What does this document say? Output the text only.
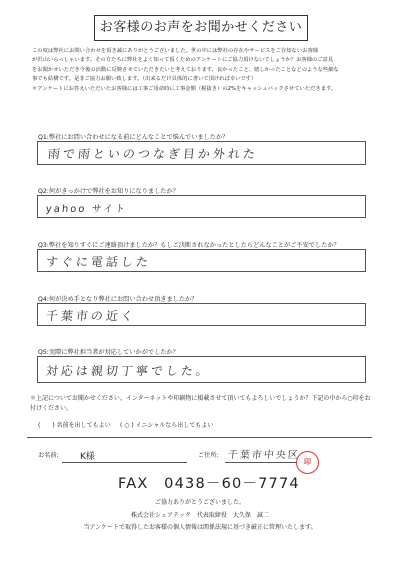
お客様のお声をお聞かせください
この度は弊社にお問い合わせを頂き誠にありがとうございました。世の中には弊社の存在やサービスをご存知ないお客様
が沢山いらっしゃいます。その方たちに弊社をよく知って頂くためのアンケートにご協力頂けないでしょうか？お客様のご意見
をお聞かせいただき今後の活動に反映させていただきたいと考えております。良かったこと、嬉しかったことなどのような些細な
事でも結構です。是非ご協力お願い致します。（出来るだけ具体的に書いて頂ければ幸いです）
＊アンケートにお答えいただいたお客様には工事ご用命時に工事金額（税抜き）の2%をキャッシュバックさせていただきます。
Q1:弊社にお問い合わせになる前にどんなことで悩んでいましたか？
雨で雨といのつなぎ目か外れた
Q2:何がきっかけで弊社をお知りになりましたか？
yahoo サイト
Q3:弊社を知りすぐにご連絡頂けましたか？もしご決断されなかったとしたらどんなことがご不安でしたか？
すぐに電話した
Q4:何が決め手となり弊社にお問い合わせ頂きましたか？
千葉市の近く
Q5:実際に弊社担当者が対応していかがでしたか？
対応は親切丁寧でした。
＊上記についてお聞かせください。インターネットや印刷物に掲載させて頂いてもよろしいでしょうか？下記の中から○印をお付けください。
(　　) 名前を出してもよい ( ○ ) イニシャルなら出してもよい
お名前: K様	ご住所: 千葉市中央区
印
FAX　0438－60－7774
ご協力ありがとうございました。
株式会社シェアテック　代表取締役　大久保　誠二
当アンケートで取得したお客様の個人情報は関係法規に基づき厳正に管理いたします。
